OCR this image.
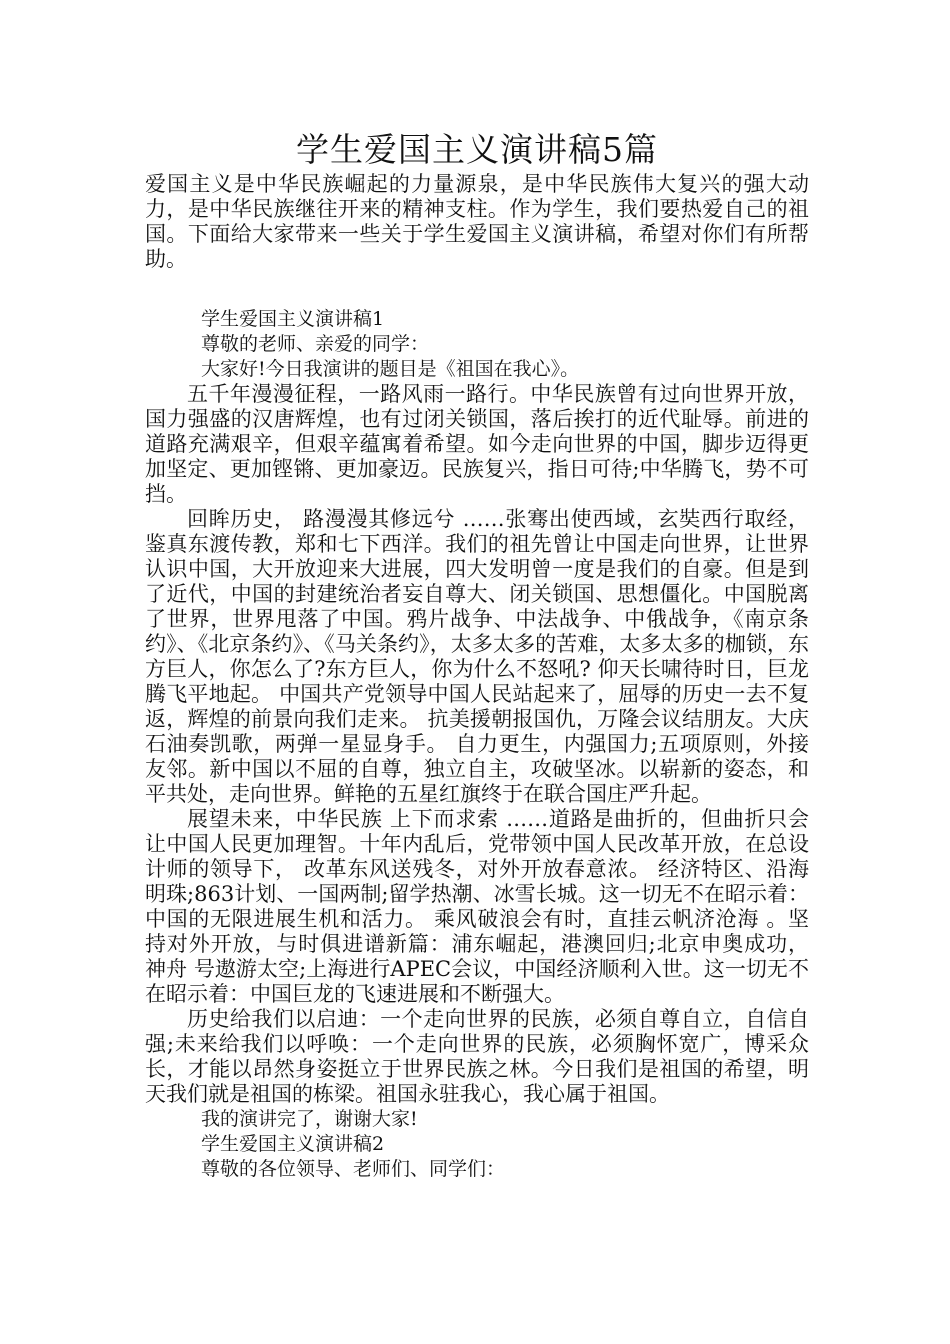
学生爱国主义演讲稿5篇

爱国主义是中华民族崛起的力量源泉，是中华民族伟大复兴的强大动力，是中华民族继往开来的精神支柱。作为学生，我们要热爱自己的祖国。下面给大家带来一些关于学生爱国主义演讲稿，希望对你们有所帮助。

学生爱国主义演讲稿1

尊敬的老师、亲爱的同学：

大家好!今日我演讲的题目是《祖国在我心》。

五千年漫漫征程，一路风雨一路行。中华民族曾有过向世界开放，国力强盛的汉唐辉煌，也有过闭关锁国，落后挨打的近代耻辱。前进的道路充满艰辛，但艰辛蕴寓着希望。如今走向世界的中国，脚步迈得更加坚定、更加铿锵、更加豪迈。民族复兴，指日可待;中华腾飞，势不可挡。

回眸历史， 路漫漫其修远兮 ……张骞出使西域，玄奘西行取经，鉴真东渡传教，郑和七下西洋。我们的祖先曾让中国走向世界，让世界认识中国，大开放迎来大进展，四大发明曾一度是我们的自豪。但是到了近代，中国的封建统治者妄自尊大、闭关锁国、思想僵化。中国脱离了世界，世界甩落了中国。鸦片战争、中法战争、中俄战争，《南京条约》、《北京条约》、《马关条约》，太多太多的苦难，太多太多的枷锁，东方巨人，你怎么了?东方巨人，你为什么不怒吼? 仰天长啸待时日，巨龙腾飞平地起。 中国共产党领导中国人民站起来了，屈辱的历史一去不复返，辉煌的前景向我们走来。 抗美援朝报国仇，万隆会议结朋友。大庆石油奏凯歌，两弹一星显身手。 自力更生，内强国力;五项原则，外接友邻。新中国以不屈的自尊，独立自主，攻破坚冰。以崭新的姿态，和平共处，走向世界。鲜艳的五星红旗终于在联合国庄严升起。

展望未来，中华民族 上下而求索 ……道路是曲折的，但曲折只会让中国人民更加理智。十年内乱后，党带领中国人民改革开放，在总设计师的领导下， 改革东风送残冬，对外开放春意浓。 经济特区、沿海明珠;863计划、一国两制;留学热潮、冰雪长城。这一切无不在昭示着：中国的无限进展生机和活力。 乘风破浪会有时，直挂云帆济沧海 。坚持对外开放，与时俱进谱新篇：浦东崛起，港澳回归;北京申奥成功， 神舟 号遨游太空;上海进行APEC会议，中国经济顺利入世。这一切无不在昭示着：中国巨龙的飞速进展和不断强大。

历史给我们以启迪：一个走向世界的民族，必须自尊自立，自信自强;未来给我们以呼唤：一个走向世界的民族，必须胸怀宽广，博采众长，才能以昂然身姿挺立于世界民族之林。今日我们是祖国的希望，明天我们就是祖国的栋梁。祖国永驻我心，我心属于祖国。

我的演讲完了，谢谢大家!

学生爱国主义演讲稿2

尊敬的各位领导、老师们、同学们：
